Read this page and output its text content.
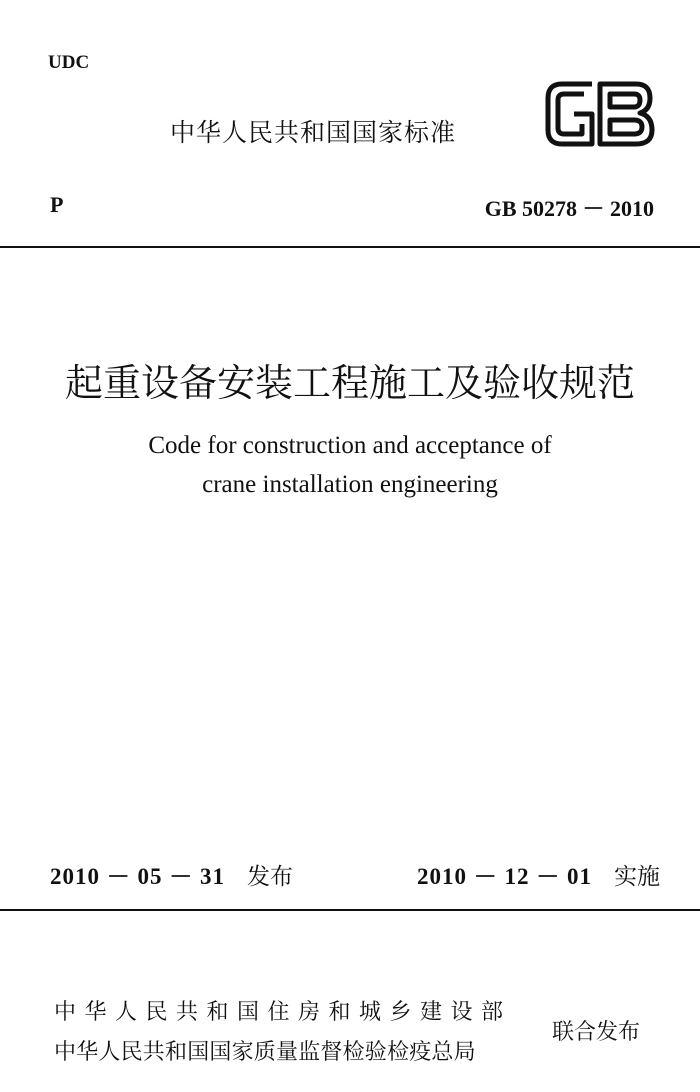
UDC
中华人民共和国国家标准
P	GB 50278 － 2010
起重设备安装工程施工及验收规范
Code for construction and acceptance of
crane installation engineering
2010 － 05 － 31 发布	2010 － 12 － 01 实施
中华人民共和国住房和城乡建设部
中华人民共和国国家质量监督检验检疫总局
联合发布
